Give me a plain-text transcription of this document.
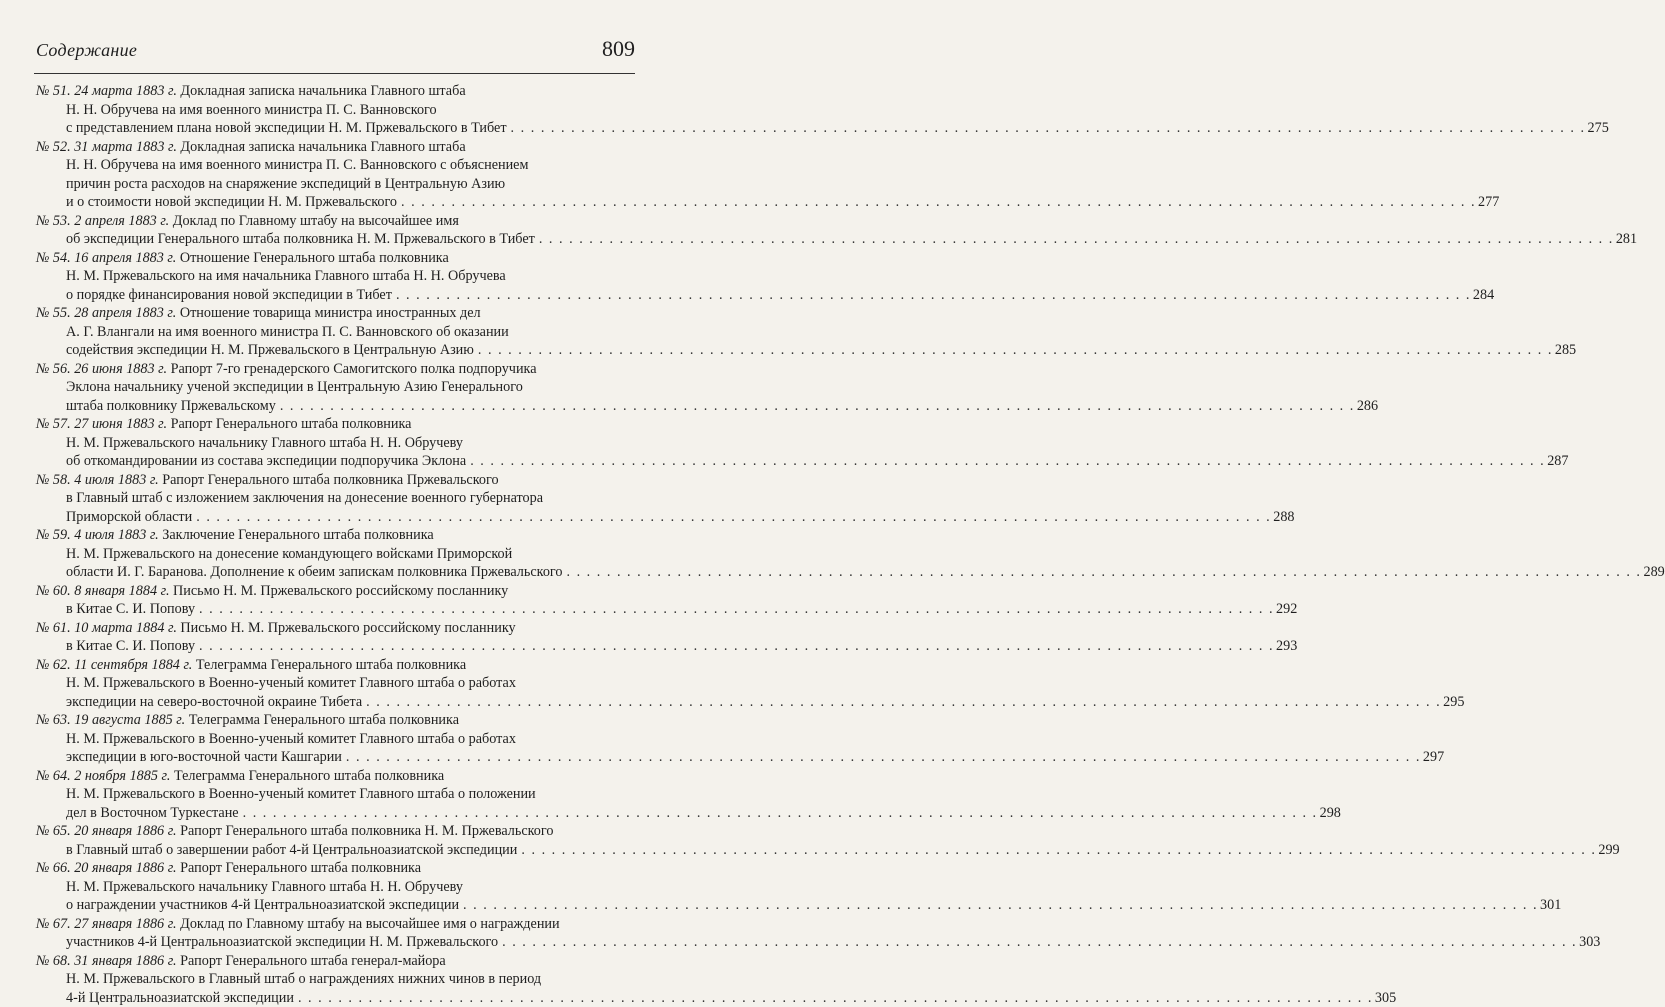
Содержание	809
№ 51. 24 марта 1883 г. Докладная записка начальника Главного штаба
Н. Н. Обручева на имя военного министра П. С. Ванновского
с представлением плана новой экспедиции Н. М. Пржевальского в Тибет . . . . . . . . . . . . . . . . . . . . . . . . . . . . . . . . . . . . . . . . . . . . . . . . . . . . . . . . . . . . . . . . . . . . . . . . . . . . . . . . . . . . . . . . . . . . . . . . . . . . . . . . . . . 275
№ 52. 31 марта 1883 г. Докладная записка начальника Главного штаба
Н. Н. Обручева на имя военного министра П. С. Ванновского с объяснением
причин роста расходов на снаряжение экспедиций в Центральную Азию
и о стоимости новой экспедиции Н. М. Пржевальского . . . . . . . . . . . . . . . . . . . . . . . . . . . . . . . . . . . . . . . . . . . . . . . . . . . . . . . . . . . . . . . . . . . . . . . . . . . . . . . . . . . . . . . . . . . . . . . . . . . . . . . . . . . 277
№ 53. 2 апреля 1883 г. Доклад по Главному штабу на высочайшее имя
об экспедиции Генерального штаба полковника Н. М. Пржевальского в Тибет . . . . . . . . . . . . . . . . . . . . . . . . . . . . . . . . . . . . . . . . . . . . . . . . . . . . . . . . . . . . . . . . . . . . . . . . . . . . . . . . . . . . . . . . . . . . . . . . . . . . . . . . . . . 281
№ 54. 16 апреля 1883 г. Отношение Генерального штаба полковника
Н. М. Пржевальского на имя начальника Главного штаба Н. Н. Обручева
о порядке финансирования новой экспедиции в Тибет . . . . . . . . . . . . . . . . . . . . . . . . . . . . . . . . . . . . . . . . . . . . . . . . . . . . . . . . . . . . . . . . . . . . . . . . . . . . . . . . . . . . . . . . . . . . . . . . . . . . . . . . . . . 284
№ 55. 28 апреля 1883 г. Отношение товарища министра иностранных дел
А. Г. Влангали на имя военного министра П. С. Ванновского об оказании
содействия экспедиции Н. М. Пржевальского в Центральную Азию . . . . . . . . . . . . . . . . . . . . . . . . . . . . . . . . . . . . . . . . . . . . . . . . . . . . . . . . . . . . . . . . . . . . . . . . . . . . . . . . . . . . . . . . . . . . . . . . . . . . . . . . . . . 285
№ 56. 26 июня 1883 г. Рапорт 7-го гренадерского Самогитского полка подпоручика
Эклона начальнику ученой экспедиции в Центральную Азию Генерального
штаба полковнику Пржевальскому . . . . . . . . . . . . . . . . . . . . . . . . . . . . . . . . . . . . . . . . . . . . . . . . . . . . . . . . . . . . . . . . . . . . . . . . . . . . . . . . . . . . . . . . . . . . . . . . . . . . . . . . . . . 286
№ 57. 27 июня 1883 г. Рапорт Генерального штаба полковника
Н. М. Пржевальского начальнику Главного штаба Н. Н. Обручеву
об откомандировании из состава экспедиции подпоручика Эклона . . . . . . . . . . . . . . . . . . . . . . . . . . . . . . . . . . . . . . . . . . . . . . . . . . . . . . . . . . . . . . . . . . . . . . . . . . . . . . . . . . . . . . . . . . . . . . . . . . . . . . . . . . . 287
№ 58. 4 июля 1883 г. Рапорт Генерального штаба полковника Пржевальского
в Главный штаб с изложением заключения на донесение военного губернатора
Приморской области . . . . . . . . . . . . . . . . . . . . . . . . . . . . . . . . . . . . . . . . . . . . . . . . . . . . . . . . . . . . . . . . . . . . . . . . . . . . . . . . . . . . . . . . . . . . . . . . . . . . . . . . . . . 288
№ 59. 4 июля 1883 г. Заключение Генерального штаба полковника
Н. М. Пржевальского на донесение командующего войсками Приморской
области И. Г. Баранова. Дополнение к обеим запискам полковника Пржевальского . . . . . . . . . . . . . . . . . . . . . . . . . . . . . . . . . . . . . . . . . . . . . . . . . . . . . . . . . . . . . . . . . . . . . . . . . . . . . . . . . . . . . . . . . . . . . . . . . . . . . . . . . . . 289
№ 60. 8 января 1884 г. Письмо Н. М. Пржевальского российскому посланнику
в Китае С. И. Попову . . . . . . . . . . . . . . . . . . . . . . . . . . . . . . . . . . . . . . . . . . . . . . . . . . . . . . . . . . . . . . . . . . . . . . . . . . . . . . . . . . . . . . . . . . . . . . . . . . . . . . . . . . . 292
№ 61. 10 марта 1884 г. Письмо Н. М. Пржевальского российскому посланнику
в Китае С. И. Попову . . . . . . . . . . . . . . . . . . . . . . . . . . . . . . . . . . . . . . . . . . . . . . . . . . . . . . . . . . . . . . . . . . . . . . . . . . . . . . . . . . . . . . . . . . . . . . . . . . . . . . . . . . . 293
№ 62. 11 сентября 1884 г. Телеграмма Генерального штаба полковника
Н. М. Пржевальского в Военно-ученый комитет Главного штаба о работах
экспедиции на северо-восточной окраине Тибета . . . . . . . . . . . . . . . . . . . . . . . . . . . . . . . . . . . . . . . . . . . . . . . . . . . . . . . . . . . . . . . . . . . . . . . . . . . . . . . . . . . . . . . . . . . . . . . . . . . . . . . . . . . 295
№ 63. 19 августа 1885 г. Телеграмма Генерального штаба полковника
Н. М. Пржевальского в Военно-ученый комитет Главного штаба о работах
экспедиции в юго-восточной части Кашгарии . . . . . . . . . . . . . . . . . . . . . . . . . . . . . . . . . . . . . . . . . . . . . . . . . . . . . . . . . . . . . . . . . . . . . . . . . . . . . . . . . . . . . . . . . . . . . . . . . . . . . . . . . . . 297
№ 64. 2 ноября 1885 г. Телеграмма Генерального штаба полковника
Н. М. Пржевальского в Военно-ученый комитет Главного штаба о положении
дел в Восточном Туркестане . . . . . . . . . . . . . . . . . . . . . . . . . . . . . . . . . . . . . . . . . . . . . . . . . . . . . . . . . . . . . . . . . . . . . . . . . . . . . . . . . . . . . . . . . . . . . . . . . . . . . . . . . . . 298
№ 65. 20 января 1886 г. Рапорт Генерального штаба полковника Н. М. Пржевальского
в Главный штаб о завершении работ 4-й Центральноазиатской экспедиции . . . . . . . . . . . . . . . . . . . . . . . . . . . . . . . . . . . . . . . . . . . . . . . . . . . . . . . . . . . . . . . . . . . . . . . . . . . . . . . . . . . . . . . . . . . . . . . . . . . . . . . . . . . 299
№ 66. 20 января 1886 г. Рапорт Генерального штаба полковника
Н. М. Пржевальского начальнику Главного штаба Н. Н. Обручеву
о награждении участников 4-й Центральноазиатской экспедиции . . . . . . . . . . . . . . . . . . . . . . . . . . . . . . . . . . . . . . . . . . . . . . . . . . . . . . . . . . . . . . . . . . . . . . . . . . . . . . . . . . . . . . . . . . . . . . . . . . . . . . . . . . . 301
№ 67. 27 января 1886 г. Доклад по Главному штабу на высочайшее имя о награждении
участников 4-й Центральноазиатской экспедиции Н. М. Пржевальского . . . . . . . . . . . . . . . . . . . . . . . . . . . . . . . . . . . . . . . . . . . . . . . . . . . . . . . . . . . . . . . . . . . . . . . . . . . . . . . . . . . . . . . . . . . . . . . . . . . . . . . . . . . 303
№ 68. 31 января 1886 г. Рапорт Генерального штаба генерал-майора
Н. М. Пржевальского в Главный штаб о награждениях нижних чинов в период
4-й Центральноазиатской экспедиции . . . . . . . . . . . . . . . . . . . . . . . . . . . . . . . . . . . . . . . . . . . . . . . . . . . . . . . . . . . . . . . . . . . . . . . . . . . . . . . . . . . . . . . . . . . . . . . . . . . . . . . . . . . 305
